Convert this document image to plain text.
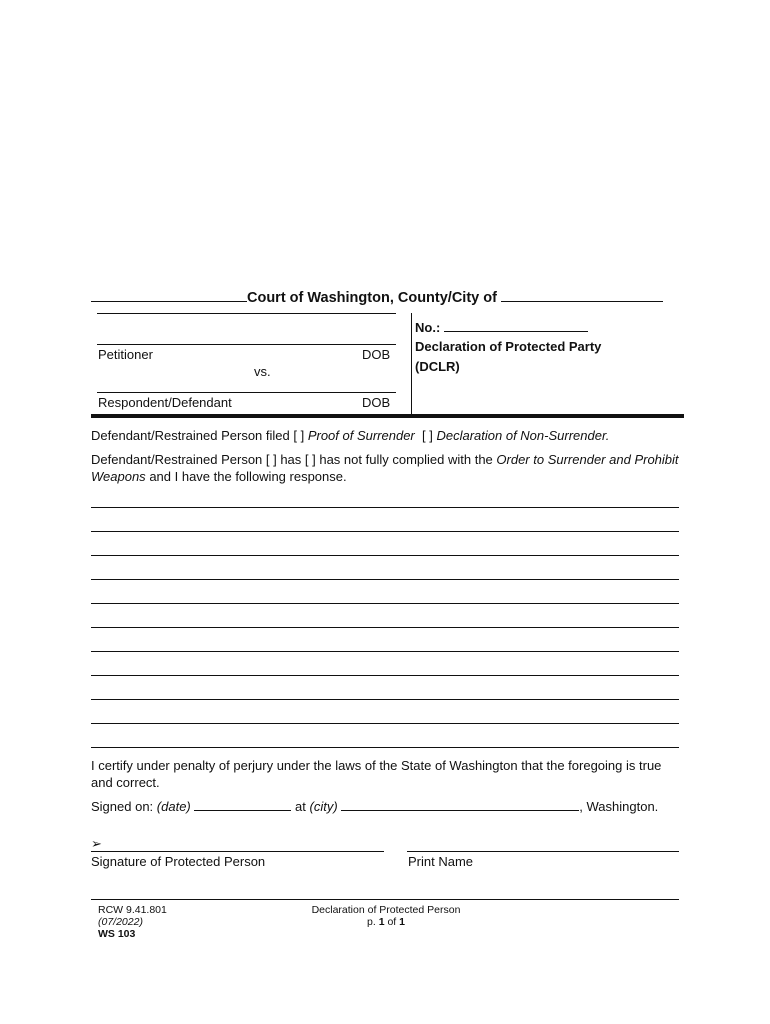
Court of Washington, County/City of
Petitioner	DOB
vs.
Respondent/Defendant	DOB
No.:
Declaration of Protected Party
(DCLR)
Defendant/Restrained Person filed [ ] Proof of Surrender [ ] Declaration of Non-Surrender.
Defendant/Restrained Person [ ] has [ ] has not fully complied with the Order to Surrender and Prohibit Weapons and I have the following response.
I certify under penalty of perjury under the laws of the State of Washington that the foregoing is true and correct.
Signed on: (date)	at (city)	, Washington.
➢
Signature of Protected Person	Print Name
RCW 9.41.801
(07/2022)
WS 103
Declaration of Protected Person
p. 1 of 1
